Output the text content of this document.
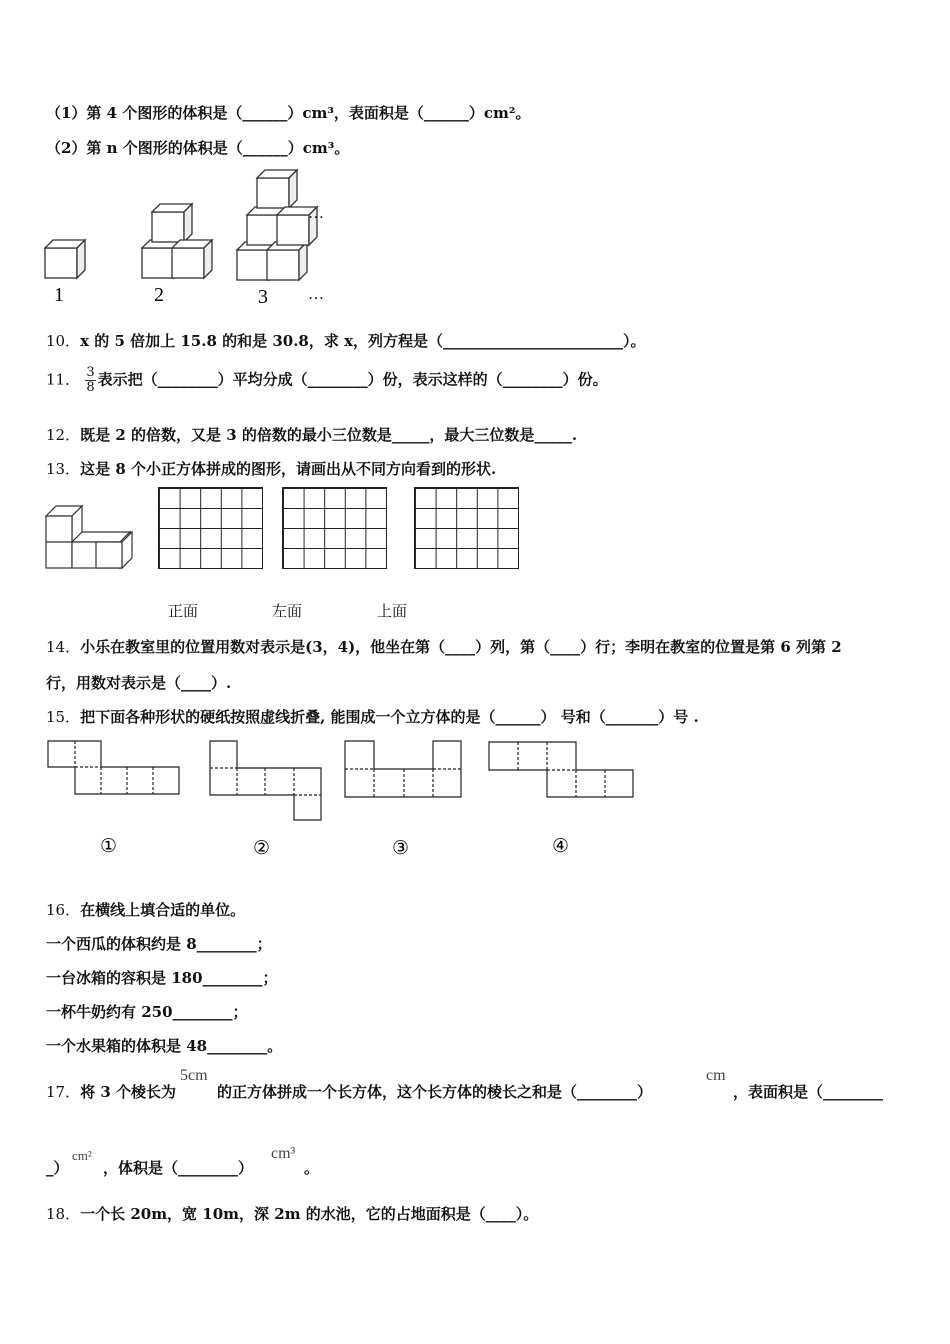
（1）第 4 个图形的体积是（______）cm³，表面积是（______）cm²。
（2）第 n 个图形的体积是（______）cm³。
1	2	3
…
…
10．x 的 5 倍加上 15.8 的和是 30.8，求 x，列方程是（________________________）。
11． $\frac{3}{8}$ 表示把（________）平均分成（________）份，表示这样的（________）份。
12．既是 2 的倍数，又是 3 的倍数的最小三位数是_____，最大三位数是_____.
13．这是 8 个小正方体拼成的图形，请画出从不同方向看到的形状.
正面	左面	上面
14．小乐在教室里的位置用数对表示是(3，4)，他坐在第（____）列，第（____）行；李明在教室的位置是第 6 列第 2
行，用数对表示是（____）.
15．把下面各种形状的硬纸按照虚线折叠, 能围成一个立方体的是（______） 号和（_______）号 .
①	②	③	④
16．在横线上填合适的单位。
一个西瓜的体积约是 8________；
一台冰箱的容积是 180________；
一杯牛奶约有 250________；
一个水果箱的体积是 48________。
17．将 3 个棱长为
5cm
的正方体拼成一个长方体，这个长方体的棱长之和是（________）
cm
，表面积是（________
_）
cm²
，体积是（________）
cm³
。
18．一个长 20m，宽 10m，深 2m 的水池，它的占地面积是（____）。
